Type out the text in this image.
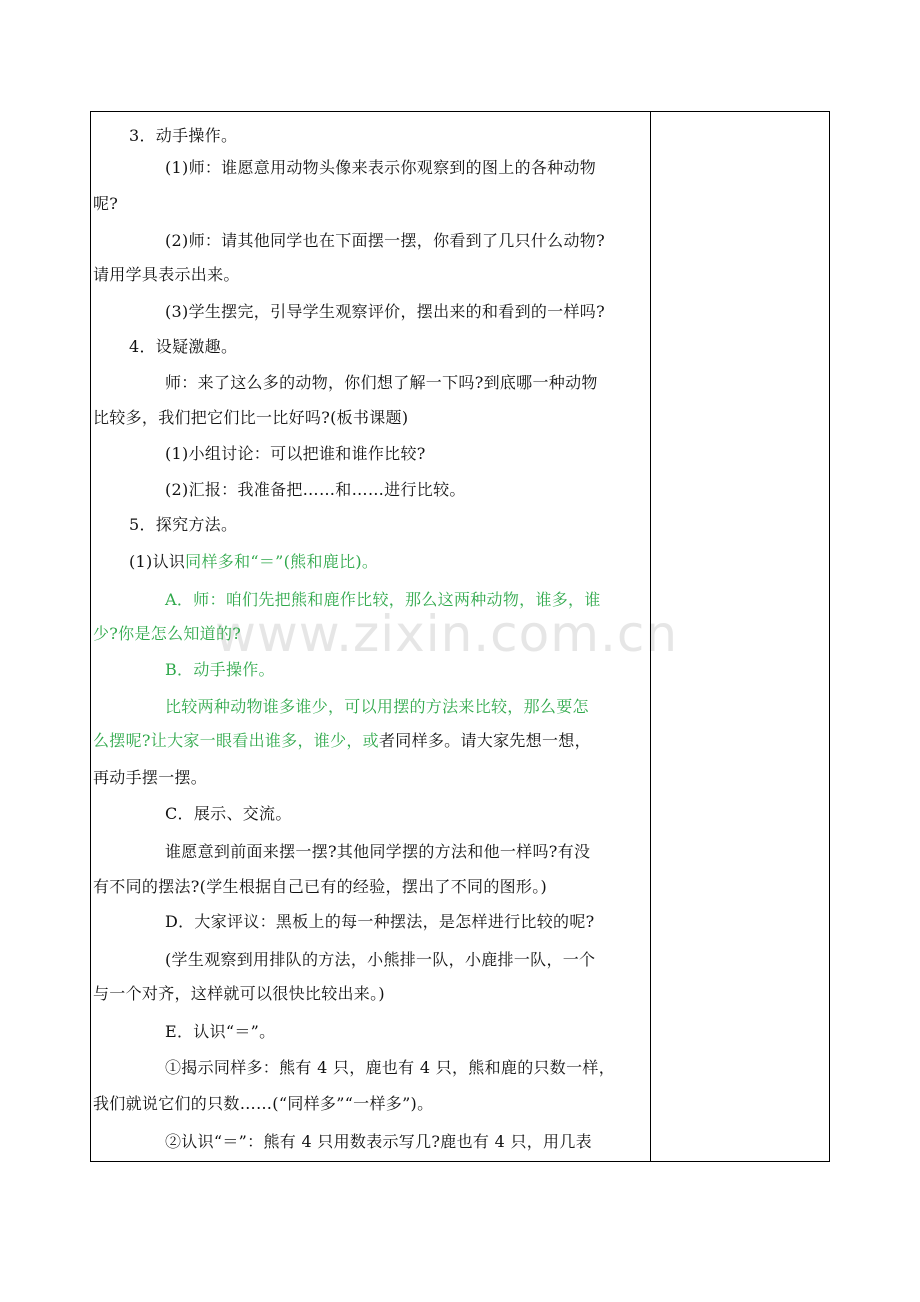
www.zixin.com.cn
3．动手操作。
(1)师：谁愿意用动物头像来表示你观察到的图上的各种动物
呢?
(2)师：请其他同学也在下面摆一摆，你看到了几只什么动物?
请用学具表示出来。
(3)学生摆完，引导学生观察评价，摆出来的和看到的一样吗?
4．设疑激趣。
师：来了这么多的动物，你们想了解一下吗?到底哪一种动物
比较多，我们把它们比一比好吗?(板书课题)
(1)小组讨论：可以把谁和谁作比较?
(2)汇报：我准备把……和……进行比较。
5．探究方法。
(1)认识同样多和“＝”(熊和鹿比)。
A．师：咱们先把熊和鹿作比较，那么这两种动物，谁多，谁
少?你是怎么知道的?
B．动手操作。
比较两种动物谁多谁少，可以用摆的方法来比较，那么要怎
么摆呢?让大家一眼看出谁多，谁少，或者同样多。请大家先想一想，
再动手摆一摆。
C．展示、交流。
谁愿意到前面来摆一摆?其他同学摆的方法和他一样吗?有没
有不同的摆法?(学生根据自己已有的经验，摆出了不同的图形。)
D．大家评议：黑板上的每一种摆法，是怎样进行比较的呢?
(学生观察到用排队的方法，小熊排一队，小鹿排一队，一个
与一个对齐，这样就可以很快比较出来。)
E．认识“＝”。
①揭示同样多：熊有 4 只，鹿也有 4 只，熊和鹿的只数一样，
我们就说它们的只数……(“同样多”“一样多”)。
②认识“＝”：熊有 4 只用数表示写几?鹿也有 4 只，用几表
